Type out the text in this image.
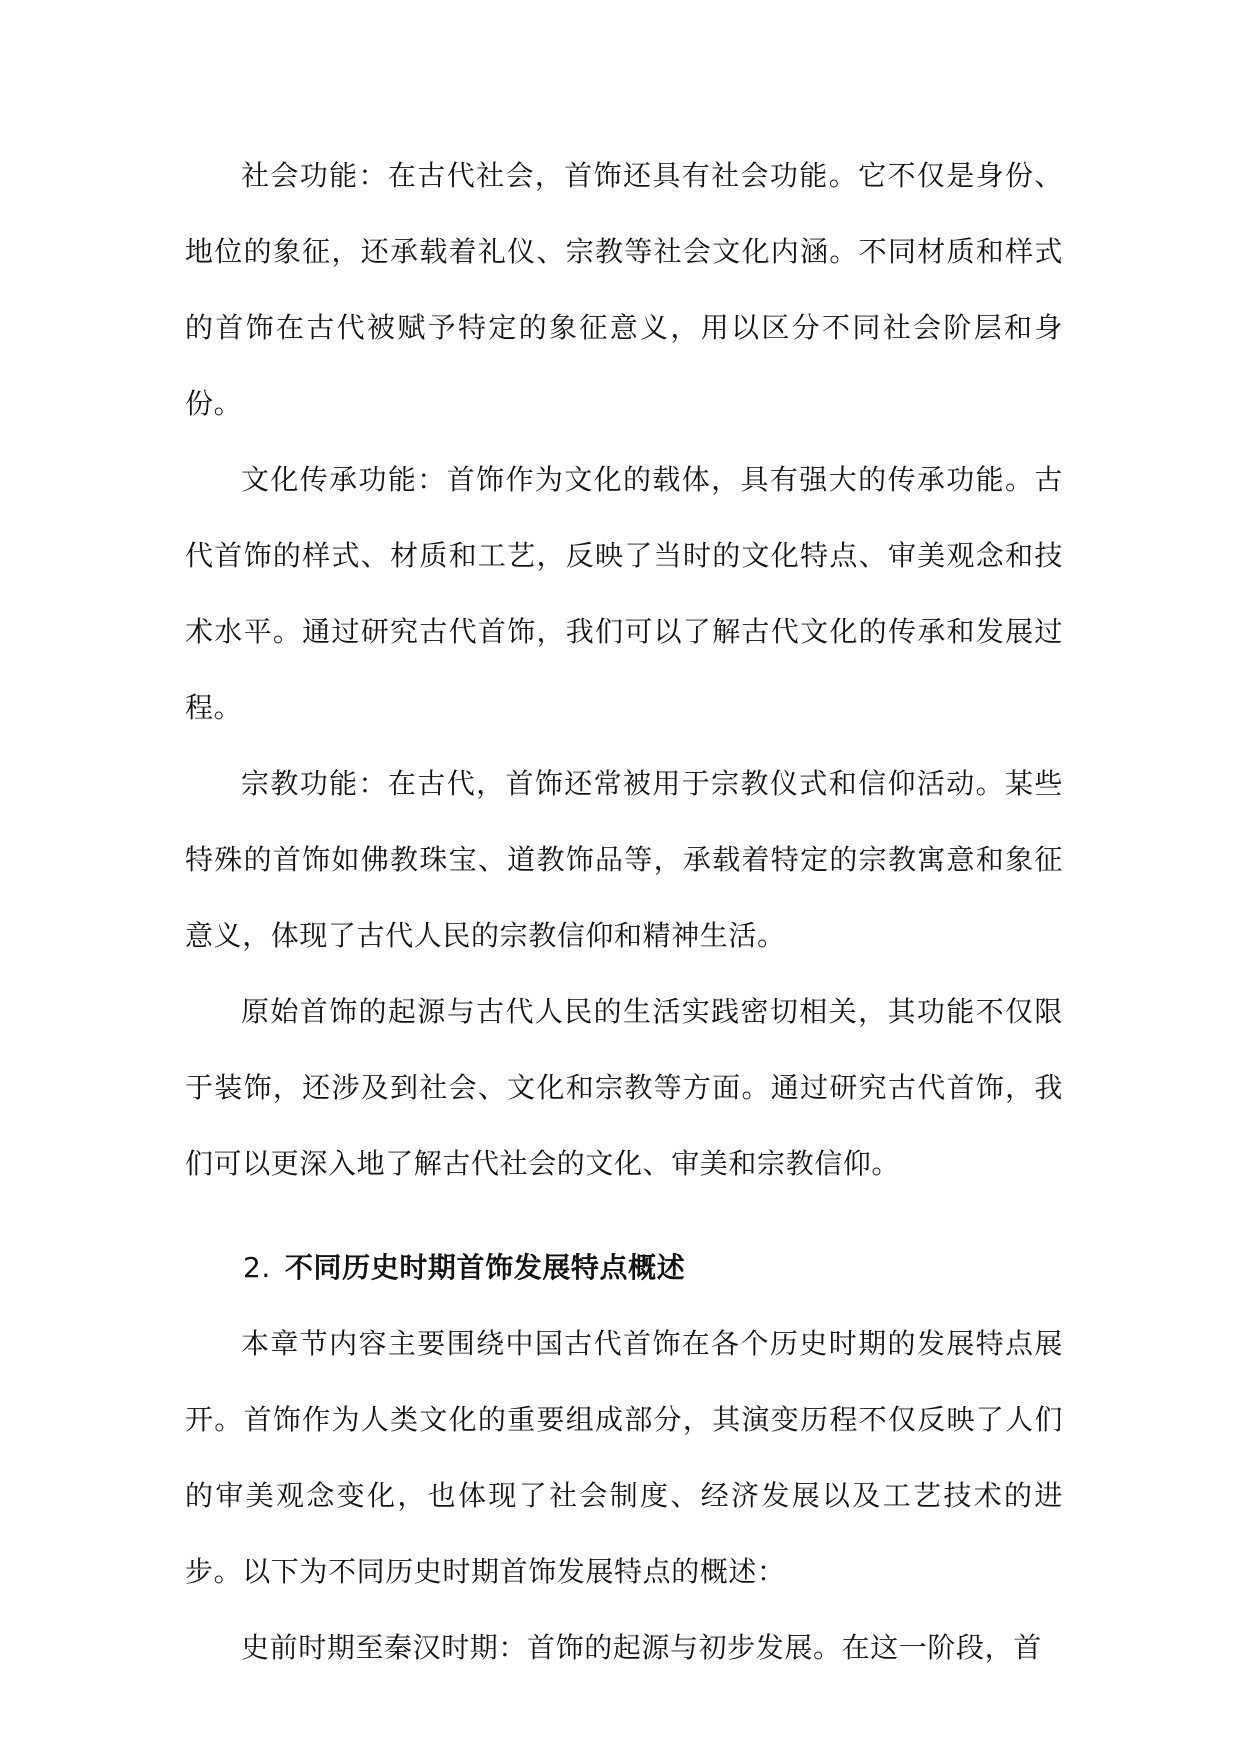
社会功能：在古代社会，首饰还具有社会功能。它不仅是身份、地位的象征，还承载着礼仪、宗教等社会文化内涵。不同材质和样式的首饰在古代被赋予特定的象征意义，用以区分不同社会阶层和身份。

文化传承功能：首饰作为文化的载体，具有强大的传承功能。古代首饰的样式、材质和工艺，反映了当时的文化特点、审美观念和技术水平。通过研究古代首饰，我们可以了解古代文化的传承和发展过程。

宗教功能：在古代，首饰还常被用于宗教仪式和信仰活动。某些特殊的首饰如佛教珠宝、道教饰品等，承载着特定的宗教寓意和象征意义，体现了古代人民的宗教信仰和精神生活。

原始首饰的起源与古代人民的生活实践密切相关，其功能不仅限于装饰，还涉及到社会、文化和宗教等方面。通过研究古代首饰，我们可以更深入地了解古代社会的文化、审美和宗教信仰。

2. 不同历史时期首饰发展特点概述

本章节内容主要围绕中国古代首饰在各个历史时期的发展特点展开。首饰作为人类文化的重要组成部分，其演变历程不仅反映了人们的审美观念变化，也体现了社会制度、经济发展以及工艺技术的进步。以下为不同历史时期首饰发展特点的概述：

史前时期至秦汉时期：首饰的起源与初步发展。在这一阶段，首
